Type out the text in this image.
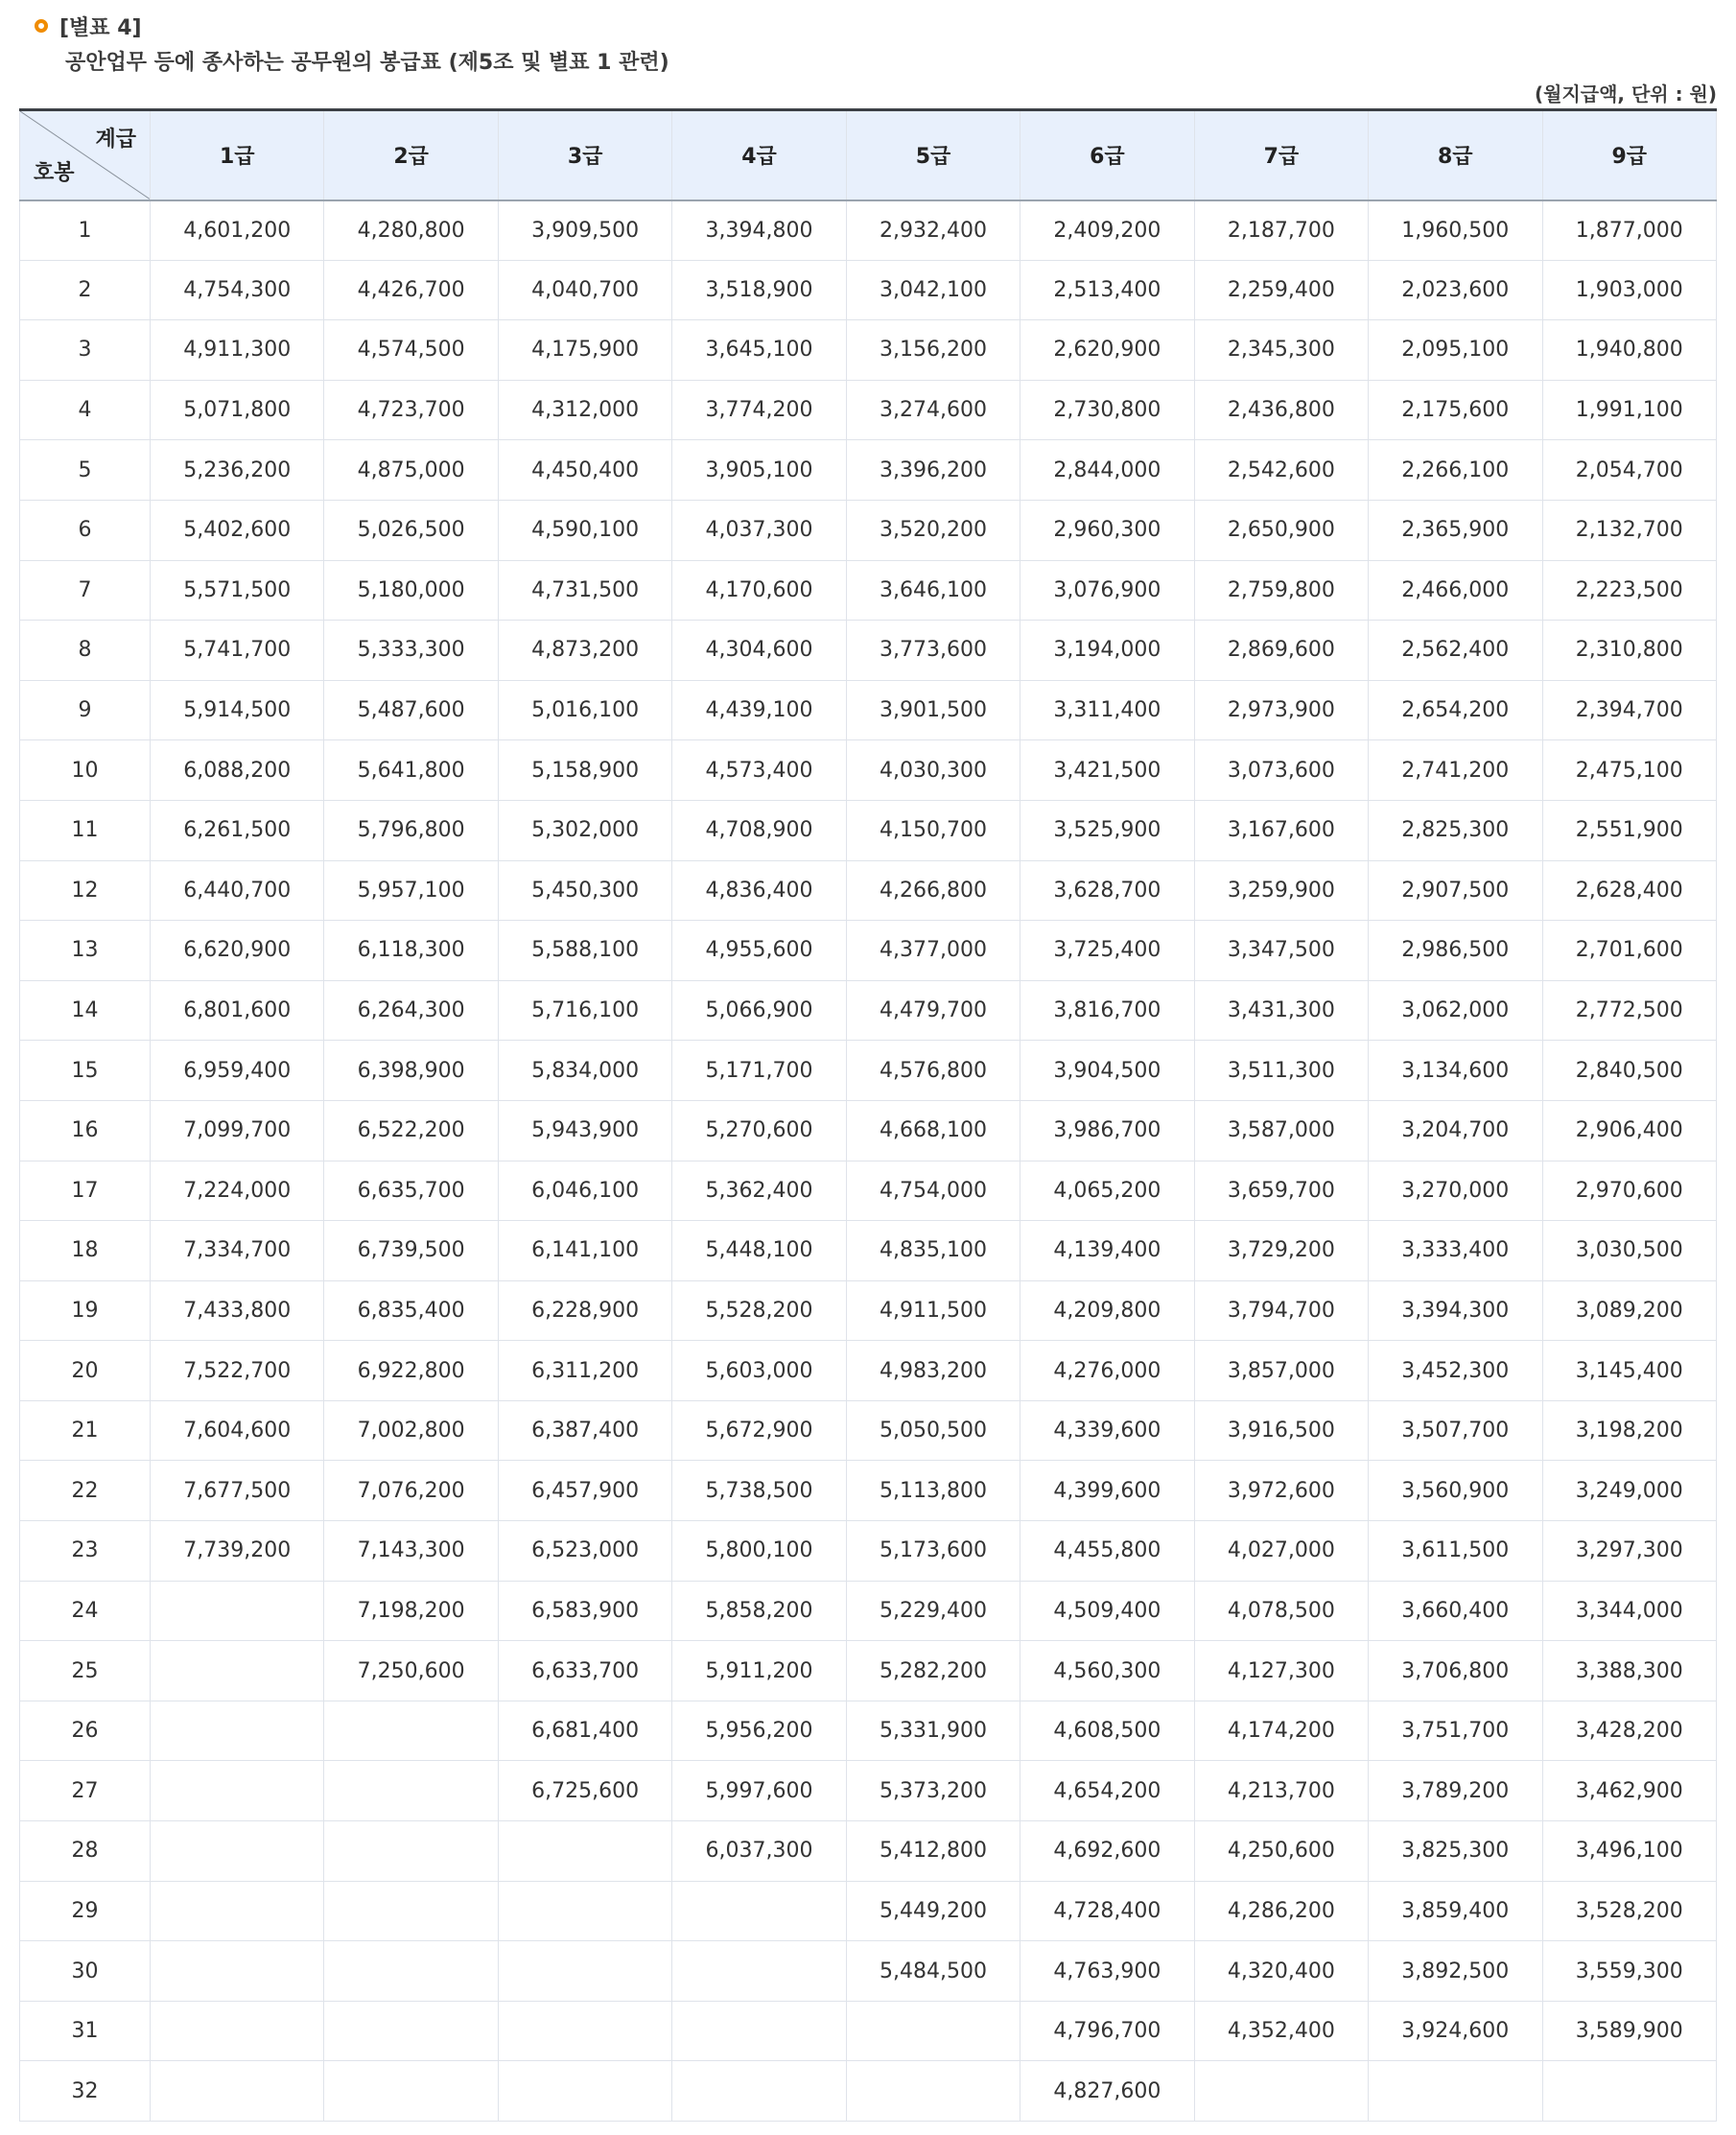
[별표 4]
공안업무 등에 종사하는 공무원의 봉급표 (제5조 및 별표 1 관련)
(월지급액, 단위 : 원)
계급
호봉	1급	2급	3급	4급	5급	6급	7급	8급	9급
1	4,601,200	4,280,800	3,909,500	3,394,800	2,932,400	2,409,200	2,187,700	1,960,500	1,877,000
2	4,754,300	4,426,700	4,040,700	3,518,900	3,042,100	2,513,400	2,259,400	2,023,600	1,903,000
3	4,911,300	4,574,500	4,175,900	3,645,100	3,156,200	2,620,900	2,345,300	2,095,100	1,940,800
4	5,071,800	4,723,700	4,312,000	3,774,200	3,274,600	2,730,800	2,436,800	2,175,600	1,991,100
5	5,236,200	4,875,000	4,450,400	3,905,100	3,396,200	2,844,000	2,542,600	2,266,100	2,054,700
6	5,402,600	5,026,500	4,590,100	4,037,300	3,520,200	2,960,300	2,650,900	2,365,900	2,132,700
7	5,571,500	5,180,000	4,731,500	4,170,600	3,646,100	3,076,900	2,759,800	2,466,000	2,223,500
8	5,741,700	5,333,300	4,873,200	4,304,600	3,773,600	3,194,000	2,869,600	2,562,400	2,310,800
9	5,914,500	5,487,600	5,016,100	4,439,100	3,901,500	3,311,400	2,973,900	2,654,200	2,394,700
10	6,088,200	5,641,800	5,158,900	4,573,400	4,030,300	3,421,500	3,073,600	2,741,200	2,475,100
11	6,261,500	5,796,800	5,302,000	4,708,900	4,150,700	3,525,900	3,167,600	2,825,300	2,551,900
12	6,440,700	5,957,100	5,450,300	4,836,400	4,266,800	3,628,700	3,259,900	2,907,500	2,628,400
13	6,620,900	6,118,300	5,588,100	4,955,600	4,377,000	3,725,400	3,347,500	2,986,500	2,701,600
14	6,801,600	6,264,300	5,716,100	5,066,900	4,479,700	3,816,700	3,431,300	3,062,000	2,772,500
15	6,959,400	6,398,900	5,834,000	5,171,700	4,576,800	3,904,500	3,511,300	3,134,600	2,840,500
16	7,099,700	6,522,200	5,943,900	5,270,600	4,668,100	3,986,700	3,587,000	3,204,700	2,906,400
17	7,224,000	6,635,700	6,046,100	5,362,400	4,754,000	4,065,200	3,659,700	3,270,000	2,970,600
18	7,334,700	6,739,500	6,141,100	5,448,100	4,835,100	4,139,400	3,729,200	3,333,400	3,030,500
19	7,433,800	6,835,400	6,228,900	5,528,200	4,911,500	4,209,800	3,794,700	3,394,300	3,089,200
20	7,522,700	6,922,800	6,311,200	5,603,000	4,983,200	4,276,000	3,857,000	3,452,300	3,145,400
21	7,604,600	7,002,800	6,387,400	5,672,900	5,050,500	4,339,600	3,916,500	3,507,700	3,198,200
22	7,677,500	7,076,200	6,457,900	5,738,500	5,113,800	4,399,600	3,972,600	3,560,900	3,249,000
23	7,739,200	7,143,300	6,523,000	5,800,100	5,173,600	4,455,800	4,027,000	3,611,500	3,297,300
24		7,198,200	6,583,900	5,858,200	5,229,400	4,509,400	4,078,500	3,660,400	3,344,000
25		7,250,600	6,633,700	5,911,200	5,282,200	4,560,300	4,127,300	3,706,800	3,388,300
26			6,681,400	5,956,200	5,331,900	4,608,500	4,174,200	3,751,700	3,428,200
27			6,725,600	5,997,600	5,373,200	4,654,200	4,213,700	3,789,200	3,462,900
28				6,037,300	5,412,800	4,692,600	4,250,600	3,825,300	3,496,100
29					5,449,200	4,728,400	4,286,200	3,859,400	3,528,200
30					5,484,500	4,763,900	4,320,400	3,892,500	3,559,300
31						4,796,700	4,352,400	3,924,600	3,589,900
32						4,827,600			
